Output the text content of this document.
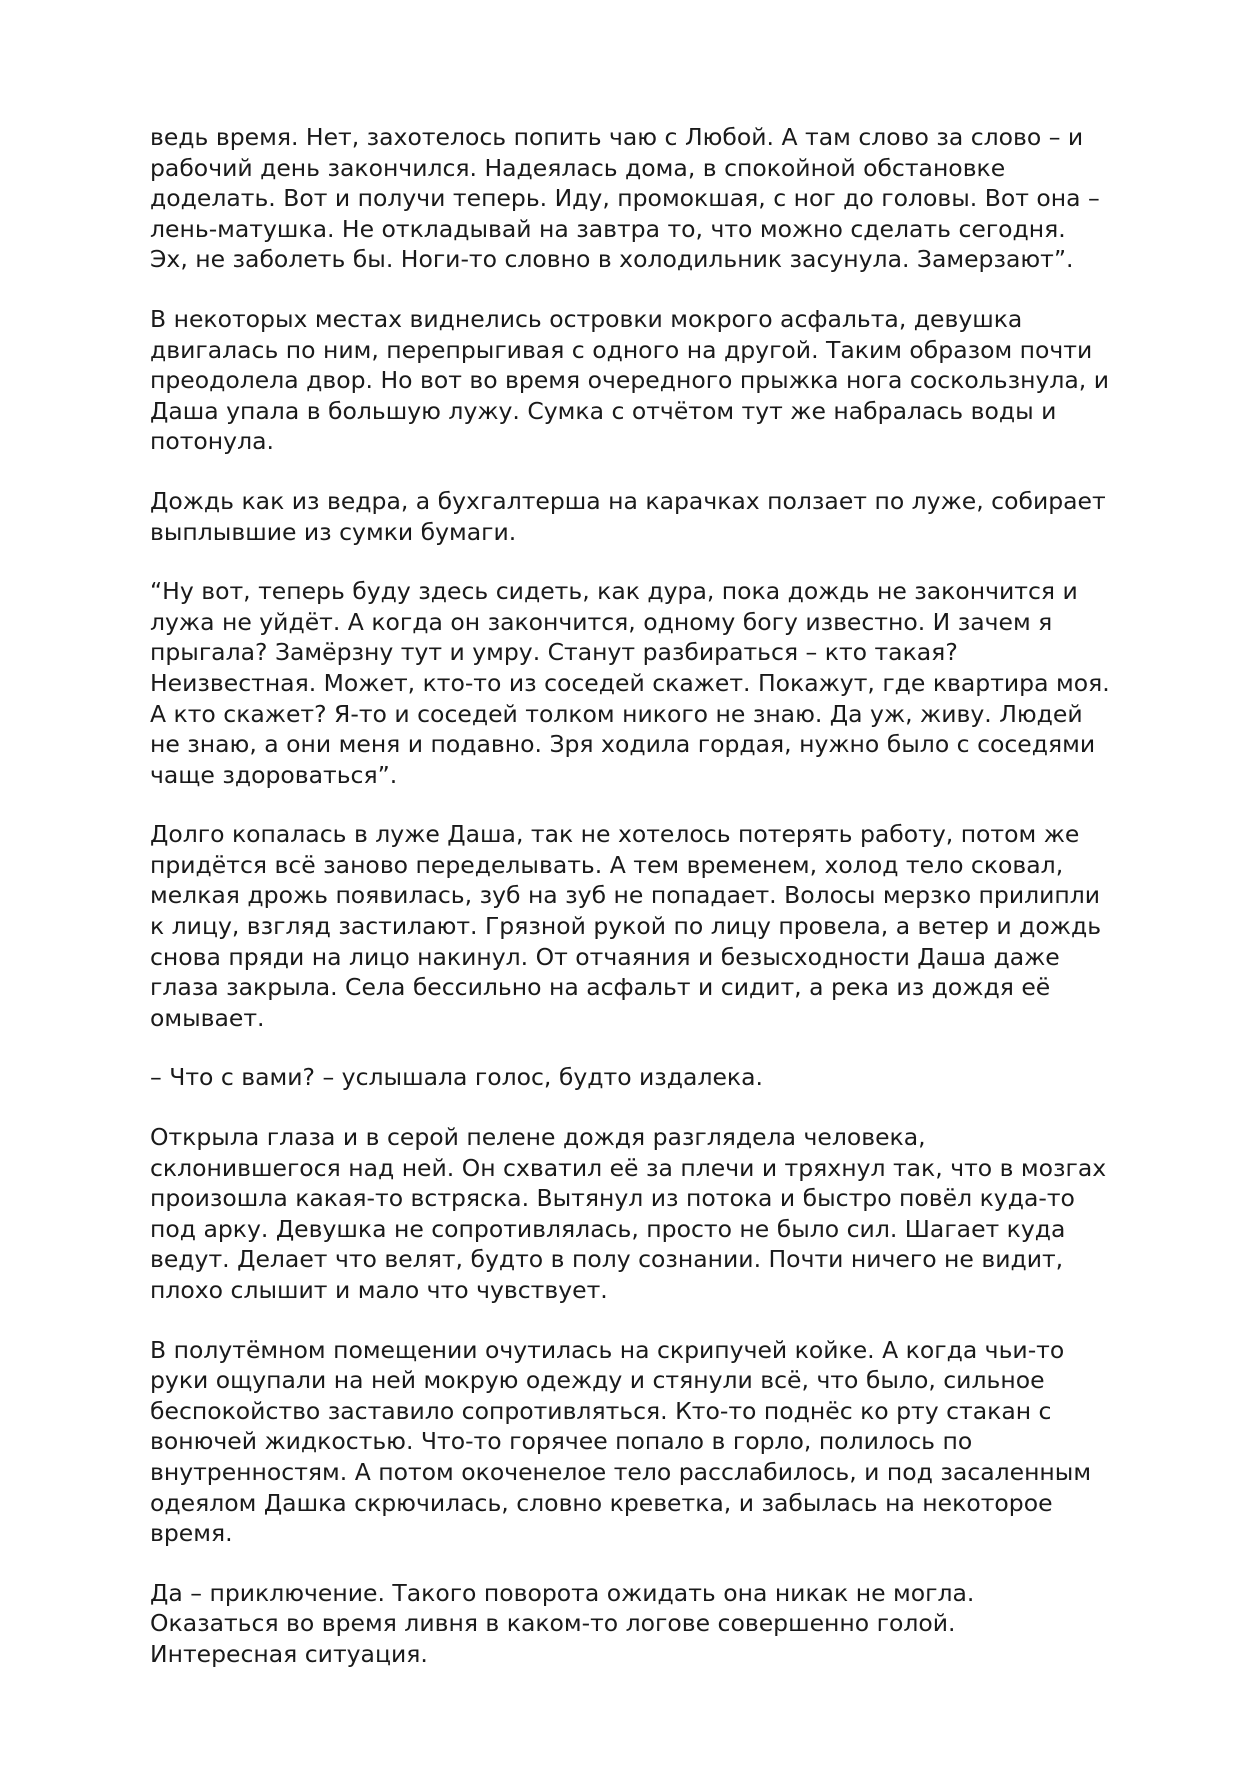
ведь время. Нет, захотелось попить чаю с Любой. А там слово за слово – и рабочий день закончился. Надеялась дома, в спокойной обстановке доделать. Вот и получи теперь. Иду, промокшая, с ног до головы. Вот она – лень-матушка. Не откладывай на завтра то, что можно сделать сегодня. Эх, не заболеть бы. Ноги-то словно в холодильник засунула. Замерзают”.

В некоторых местах виднелись островки мокрого асфальта, девушка двигалась по ним, перепрыгивая с одного на другой. Таким образом почти преодолела двор. Но вот во время очередного прыжка нога соскользнула, и Даша упала в большую лужу. Сумка с отчётом тут же набралась воды и потонула.

Дождь как из ведра, а бухгалтерша на карачках ползает по луже, собирает выплывшие из сумки бумаги.

“Ну вот, теперь буду здесь сидеть, как дура, пока дождь не закончится и лужа не уйдёт. А когда он закончится, одному богу известно. И зачем я прыгала? Замёрзну тут и умру. Станут разбираться – кто такая? Неизвестная. Может, кто-то из соседей скажет. Покажут, где квартира моя. А кто скажет? Я-то и соседей толком никого не знаю. Да уж, живу. Людей не знаю, а они меня и подавно. Зря ходила гордая, нужно было с соседями чаще здороваться”.

Долго копалась в луже Даша, так не хотелось потерять работу, потом же придётся всё заново переделывать. А тем временем, холод тело сковал, мелкая дрожь появилась, зуб на зуб не попадает. Волосы мерзко прилипли к лицу, взгляд застилают. Грязной рукой по лицу провела, а ветер и дождь снова пряди на лицо накинул. От отчаяния и безысходности Даша даже глаза закрыла. Села бессильно на асфальт и сидит, а река из дождя её омывает.

– Что с вами? – услышала голос, будто издалека.

Открыла глаза и в серой пелене дождя разглядела человека, склонившегося над ней. Он схватил её за плечи и тряхнул так, что в мозгах произошла какая-то встряска. Вытянул из потока и быстро повёл куда-то под арку. Девушка не сопротивлялась, просто не было сил. Шагает куда ведут. Делает что велят, будто в полу сознании. Почти ничего не видит, плохо слышит и мало что чувствует.

В полутёмном помещении очутилась на скрипучей койке. А когда чьи-то руки ощупали на ней мокрую одежду и стянули всё, что было, сильное беспокойство заставило сопротивляться. Кто-то поднёс ко рту стакан с вонючей жидкостью. Что-то горячее попало в горло, полилось по внутренностям. А потом окоченелое тело расслабилось, и под засаленным одеялом Дашка скрючилась, словно креветка, и забылась на некоторое время.

Да – приключение. Такого поворота ожидать она никак не могла. Оказаться во время ливня в каком-то логове совершенно голой. Интересная ситуация.
